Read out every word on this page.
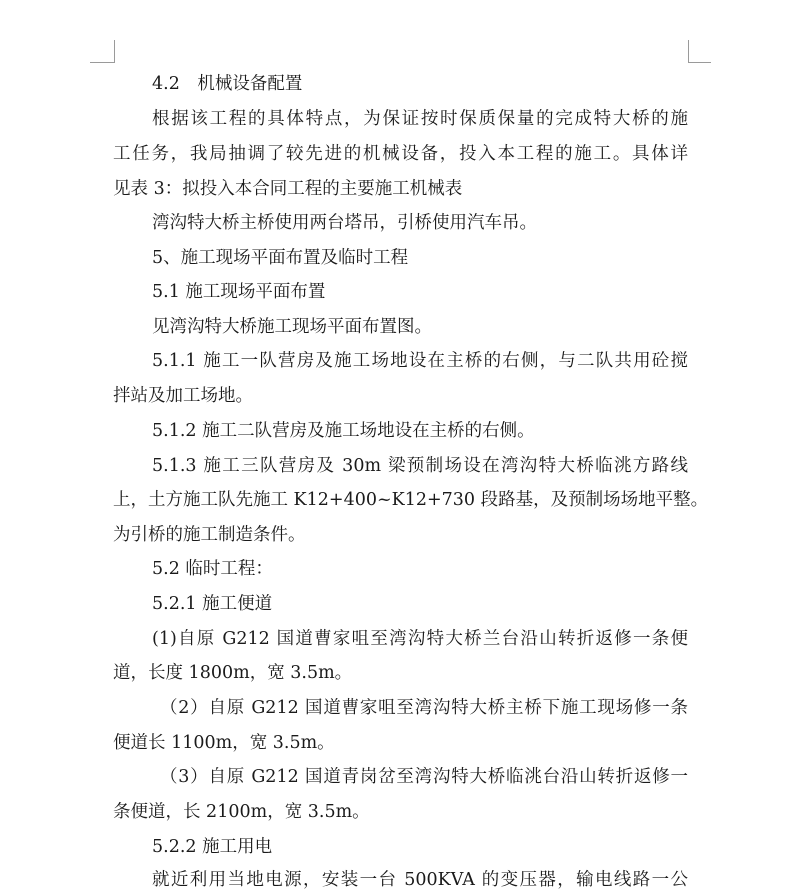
4.2　机械设备配置
根据该工程的具体特点，为保证按时保质保量的完成特大桥的施
工任务，我局抽调了较先进的机械设备，投入本工程的施工。具体详
见表 3：拟投入本合同工程的主要施工机械表
湾沟特大桥主桥使用两台塔吊，引桥使用汽车吊。
5、施工现场平面布置及临时工程
5.1 施工现场平面布置
见湾沟特大桥施工现场平面布置图。
5.1.1 施工一队营房及施工场地设在主桥的右侧，与二队共用砼搅
拌站及加工场地。
5.1.2 施工二队营房及施工场地设在主桥的右侧。
5.1.3 施工三队营房及 30m 梁预制场设在湾沟特大桥临洮方路线
上，土方施工队先施工 K12+400~K12+730 段路基，及预制场场地平整。
为引桥的施工制造条件。
5.2 临时工程：
5.2.1 施工便道
(1)自原 G212 国道曹家咀至湾沟特大桥兰台沿山转折返修一条便
道，长度 1800m，宽 3.5m。
（2）自原 G212 国道曹家咀至湾沟特大桥主桥下施工现场修一条
便道长 1100m，宽 3.5m。
（3）自原 G212 国道青岗岔至湾沟特大桥临洮台沿山转折返修一
条便道，长 2100m，宽 3.5m。
5.2.2 施工用电
就近利用当地电源，安装一台 500KVA 的变压器，输电线路一公
